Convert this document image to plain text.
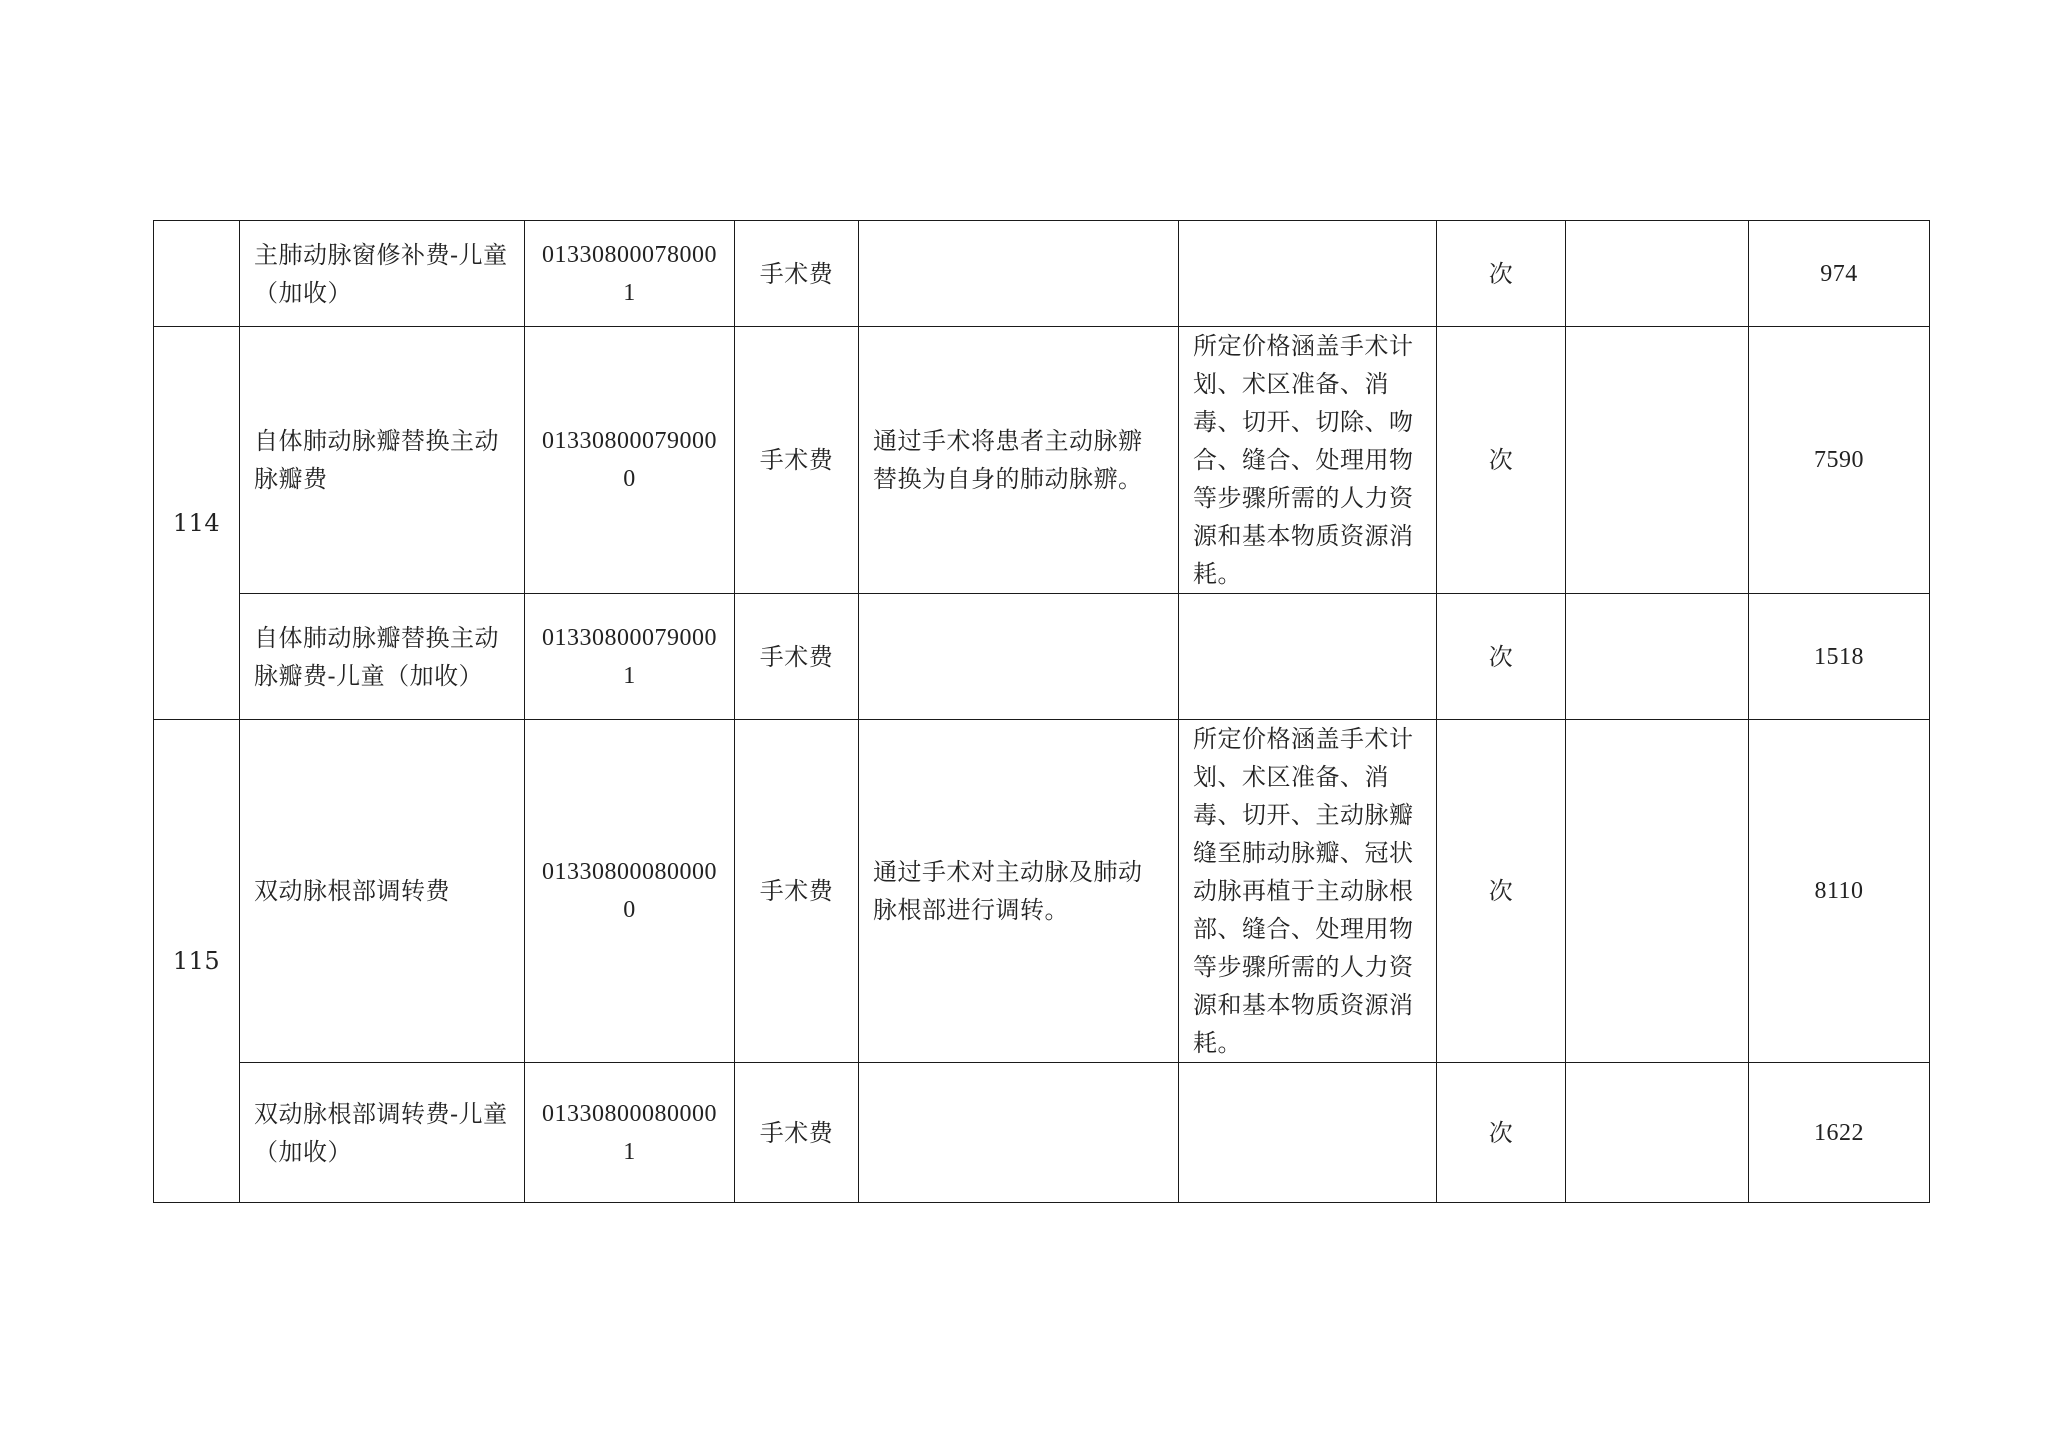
	主肺动脉窗修补费-儿童（加收）	013308000780001	手术费			次		974
114	自体肺动脉瓣替换主动脉瓣费	013308000790000	手术费	通过手术将患者主动脉辧替换为自身的肺动脉辧。	所定价格涵盖手术计划、术区准备、消毒、切开、切除、吻合、缝合、处理用物等步骤所需的人力资源和基本物质资源消耗。	次		7590
	自体肺动脉瓣替换主动脉瓣费-儿童（加收）	013308000790001	手术费			次		1518
115	双动脉根部调转费	013308000800000	手术费	通过手术对主动脉及肺动脉根部进行调转。	所定价格涵盖手术计划、术区准备、消毒、切开、主动脉瓣缝至肺动脉瓣、冠状动脉再植于主动脉根部、缝合、处理用物等步骤所需的人力资源和基本物质资源消耗。	次		8110
	双动脉根部调转费-儿童（加收）	013308000800001	手术费			次		1622
